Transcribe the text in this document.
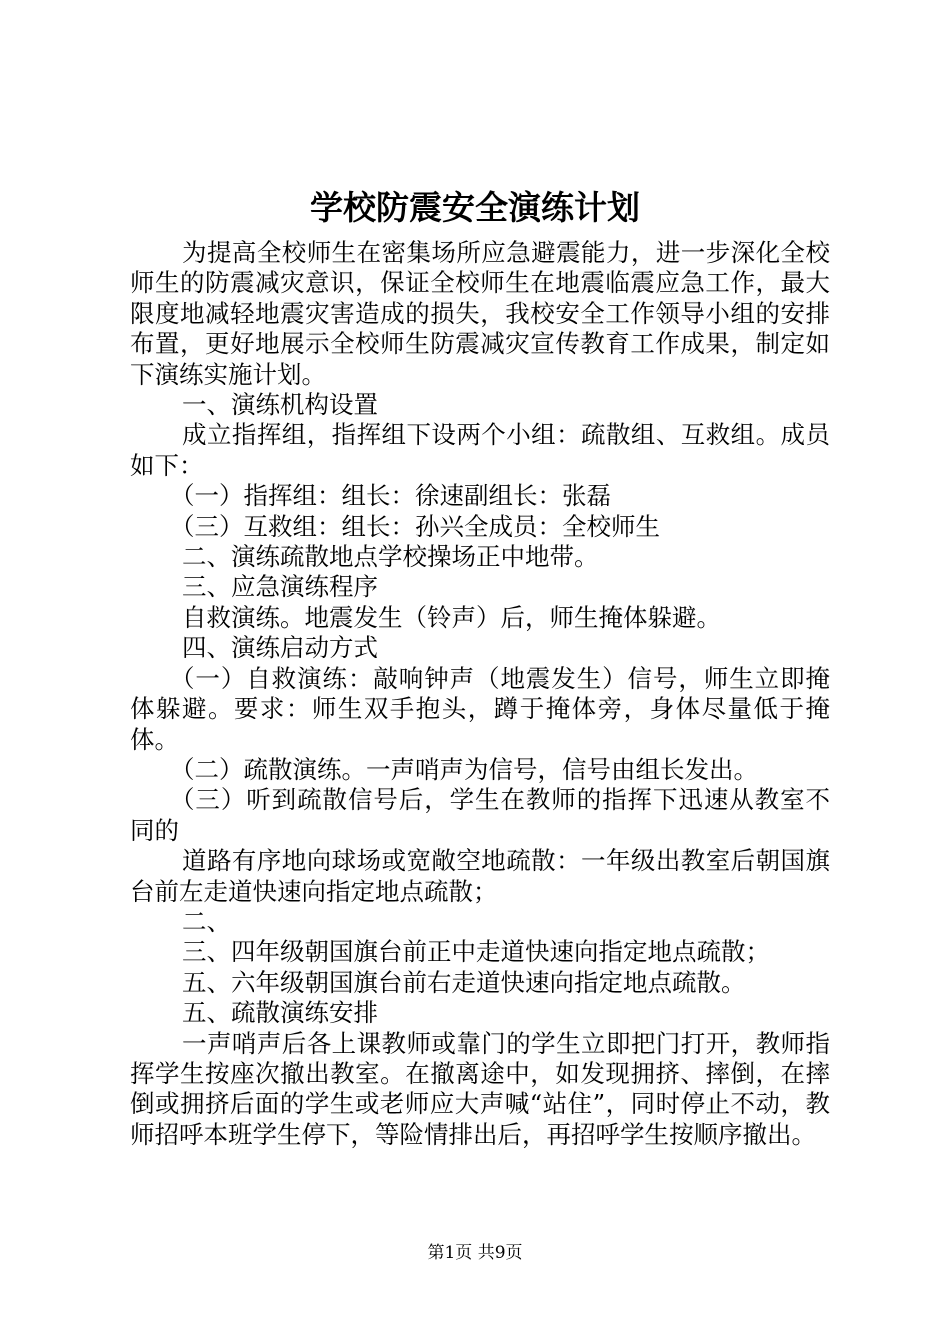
学校防震安全演练计划

为提高全校师生在密集场所应急避震能力，进一步深化全校师生的防震减灾意识，保证全校师生在地震临震应急工作，最大限度地减轻地震灾害造成的损失，我校安全工作领导小组的安排布置，更好地展示全校师生防震减灾宣传教育工作成果，制定如下演练实施计划。

一、演练机构设置

成立指挥组，指挥组下设两个小组：疏散组、互救组。成员如下：

（一）指挥组：组长：徐速副组长：张磊

（三）互救组：组长：孙兴全成员：全校师生

二、演练疏散地点学校操场正中地带。

三、应急演练程序

自救演练。地震发生（铃声）后，师生掩体躲避。

四、演练启动方式

（一）自救演练：敲响钟声（地震发生）信号，师生立即掩体躲避。要求：师生双手抱头，蹲于掩体旁，身体尽量低于掩体。

（二）疏散演练。一声哨声为信号，信号由组长发出。

（三）听到疏散信号后，学生在教师的指挥下迅速从教室不同的

道路有序地向球场或宽敞空地疏散：一年级出教室后朝国旗台前左走道快速向指定地点疏散；

二、

三、四年级朝国旗台前正中走道快速向指定地点疏散；

五、六年级朝国旗台前右走道快速向指定地点疏散。

五、疏散演练安排

一声哨声后各上课教师或靠门的学生立即把门打开，教师指挥学生按座次撤出教室。在撤离途中，如发现拥挤、摔倒，在摔倒或拥挤后面的学生或老师应大声喊“站住”，同时停止不动，教师招呼本班学生停下，等险情排出后，再招呼学生按顺序撤出。

第1页 共9页
